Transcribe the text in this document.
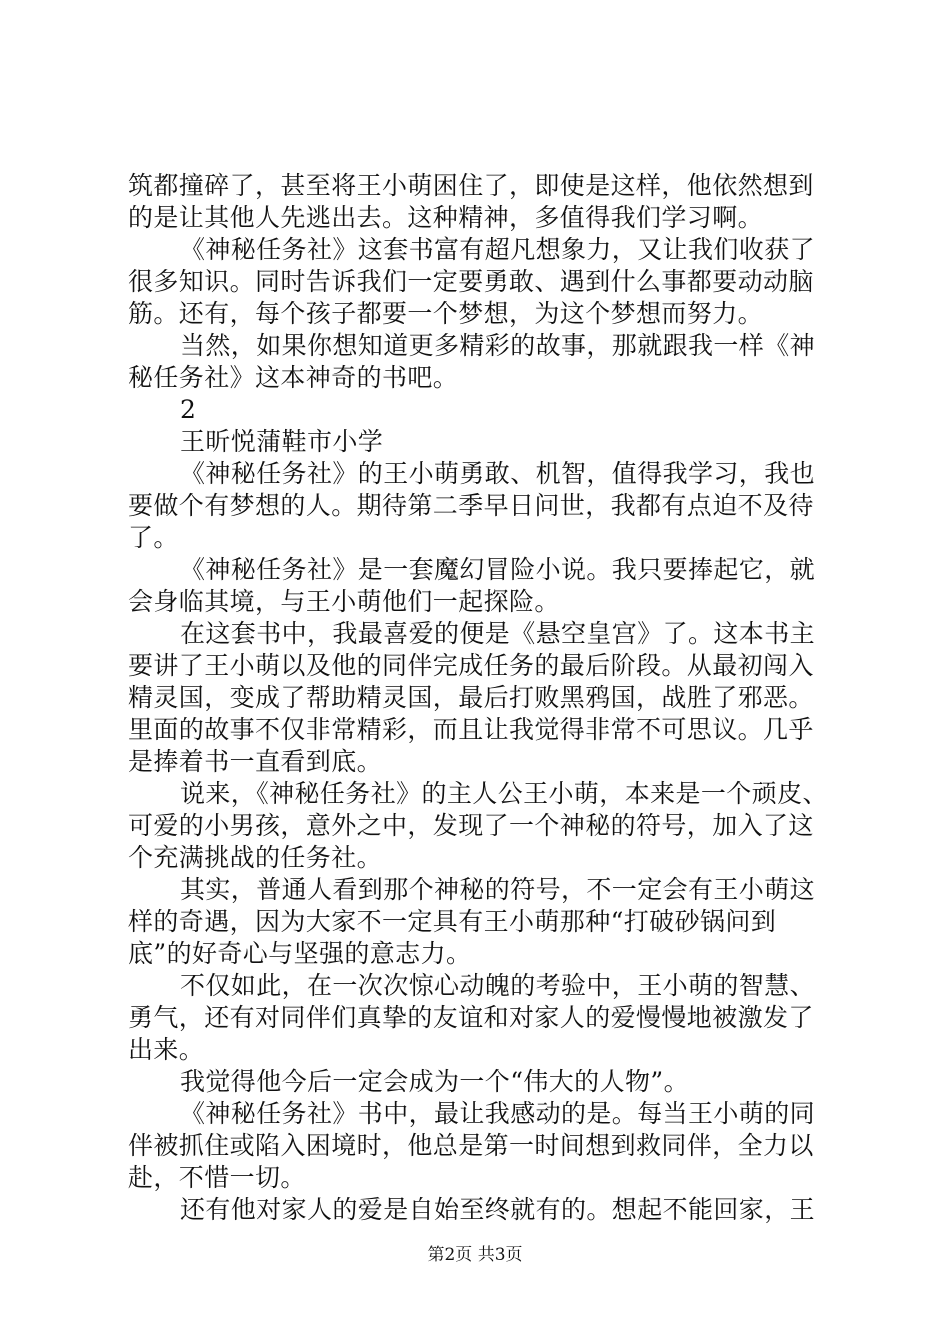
筑都撞碎了，甚至将王小萌困住了，即使是这样，他依然想到
的是让其他人先逃出去。这种精神，多值得我们学习啊。
《神秘任务社》这套书富有超凡想象力，又让我们收获了
很多知识。同时告诉我们一定要勇敢、遇到什么事都要动动脑
筋。还有，每个孩子都要一个梦想，为这个梦想而努力。
当然，如果你想知道更多精彩的故事，那就跟我一样《神
秘任务社》这本神奇的书吧。
2
王昕悦蒲鞋市小学
《神秘任务社》的王小萌勇敢、机智，值得我学习，我也
要做个有梦想的人。期待第二季早日问世，我都有点迫不及待
了。
《神秘任务社》是一套魔幻冒险小说。我只要捧起它，就
会身临其境，与王小萌他们一起探险。
在这套书中，我最喜爱的便是《悬空皇宫》了。这本书主
要讲了王小萌以及他的同伴完成任务的最后阶段。从最初闯入
精灵国，变成了帮助精灵国，最后打败黑鸦国，战胜了邪恶。
里面的故事不仅非常精彩，而且让我觉得非常不可思议。几乎
是捧着书一直看到底。
说来，《神秘任务社》的主人公王小萌，本来是一个顽皮、
可爱的小男孩，意外之中，发现了一个神秘的符号，加入了这
个充满挑战的任务社。
其实，普通人看到那个神秘的符号，不一定会有王小萌这
样的奇遇，因为大家不一定具有王小萌那种“打破砂锅问到
底”的好奇心与坚强的意志力。
不仅如此，在一次次惊心动魄的考验中，王小萌的智慧、
勇气，还有对同伴们真挚的友谊和对家人的爱慢慢地被激发了
出来。
我觉得他今后一定会成为一个“伟大的人物”。
《神秘任务社》书中，最让我感动的是。每当王小萌的同
伴被抓住或陷入困境时，他总是第一时间想到救同伴，全力以
赴，不惜一切。
还有他对家人的爱是自始至终就有的。想起不能回家，王
第2页 共3页
